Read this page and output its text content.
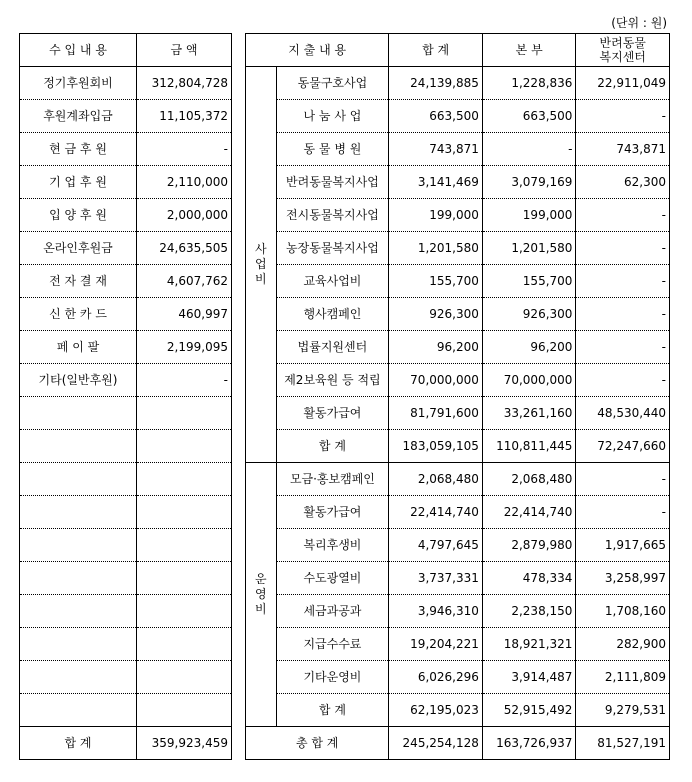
(단위 : 원)
수 입 내 용	금 액
정기후원회비	312,804,728
후원계좌입금	11,105,372
현 금 후 원	-
기 업 후 원	2,110,000
입 양 후 원	2,000,000
온라인후원금	24,635,505
전 자 결 재	4,607,762
신 한 카 드	460,997
페 이 팔	2,199,095
기타(일반후원)	-

합 계	359,923,459
지 출 내 용		합 계	본 부	반려동물
복지센터
사
업
비	동물구호사업	24,139,885	1,228,836	22,911,049
	나 눔 사 업	663,500	663,500	-
	동 물 병 원	743,871	-	743,871
	반려동물복지사업	3,141,469	3,079,169	62,300
	전시동물복지사업	199,000	199,000	-
	농장동물복지사업	1,201,580	1,201,580	-
	교육사업비	155,700	155,700	-
	행사캠페인	926,300	926,300	-
	법률지원센터	96,200	96,200	-
	제2보육원 등 적립	70,000,000	70,000,000	-
	활동가급여	81,791,600	33,261,160	48,530,440
	합 계	183,059,105	110,811,445	72,247,660
운
영
비	모금·홍보캠페인	2,068,480	2,068,480	-
	활동가급여	22,414,740	22,414,740	-
	복리후생비	4,797,645	2,879,980	1,917,665
	수도광열비	3,737,331	478,334	3,258,997
	세금과공과	3,946,310	2,238,150	1,708,160
	지급수수료	19,204,221	18,921,321	282,900
	기타운영비	6,026,296	3,914,487	2,111,809
	합 계	62,195,023	52,915,492	9,279,531
총 합 계		245,254,128	163,726,937	81,527,191
